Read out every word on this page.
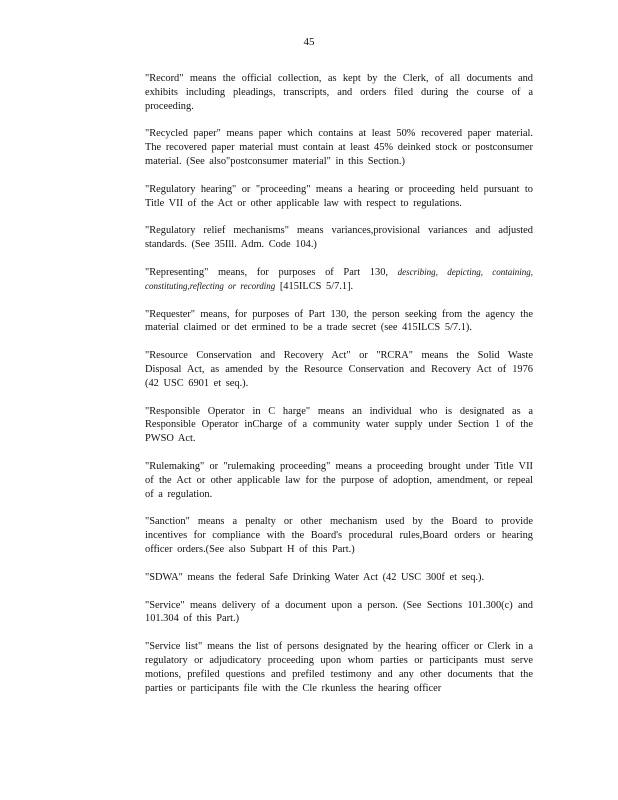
45

"Record" means the official collection, as kept by the Clerk, of all documents and exhibits including pleadings, transcripts, and orders filed during the course of a proceeding.

"Recycled paper" means paper which contains at least 50% recovered paper material. The recovered paper material must contain at least 45% deinked stock or postconsumer material. (See also"postconsumer material" in this Section.)

"Regulatory hearing" or "proceeding" means a hearing or proceeding held pursuant to Title VII of the Act or other applicable law with respect to regulations.

"Regulatory relief mechanisms" means variances,provisional variances and adjusted standards. (See 35Ill. Adm. Code 104.)

"Representing" means, for purposes of Part 130, describing, depicting, containing, constituting,reflecting or recording [415ILCS 5/7.1].

"Requester" means, for purposes of Part 130, the person seeking from the agency the material claimed or det ermined to be a trade secret (see 415ILCS 5/7.1).

"Resource Conservation and Recovery Act" or "RCRA" means the Solid Waste Disposal Act, as amended by the Resource Conservation and Recovery Act of 1976 (42 USC 6901 et seq.).

"Responsible Operator in C harge" means an individual who is designated as a Responsible Operator inCharge of a community water supply under Section 1 of the PWSO Act.

"Rulemaking" or "rulemaking proceeding" means a proceeding brought under Title VII of the Act or other applicable law for the purpose of adoption, amendment, or repeal of a regulation.

"Sanction" means a penalty or other mechanism used by the Board to provide incentives for compliance with the Board's procedural rules,Board orders or hearing officer orders.(See also Subpart H of this Part.)

"SDWA" means the federal Safe Drinking Water Act (42 USC 300f et seq.).

"Service" means delivery of a document upon a person. (See Sections 101.300(c) and 101.304 of this Part.)

"Service list" means the list of persons designated by the hearing officer or Clerk in a regulatory or adjudicatory proceeding upon whom parties or participants must serve motions, prefiled questions and prefiled testimony and any other documents that the parties or participants file with the Cle rkunless the hearing officer
